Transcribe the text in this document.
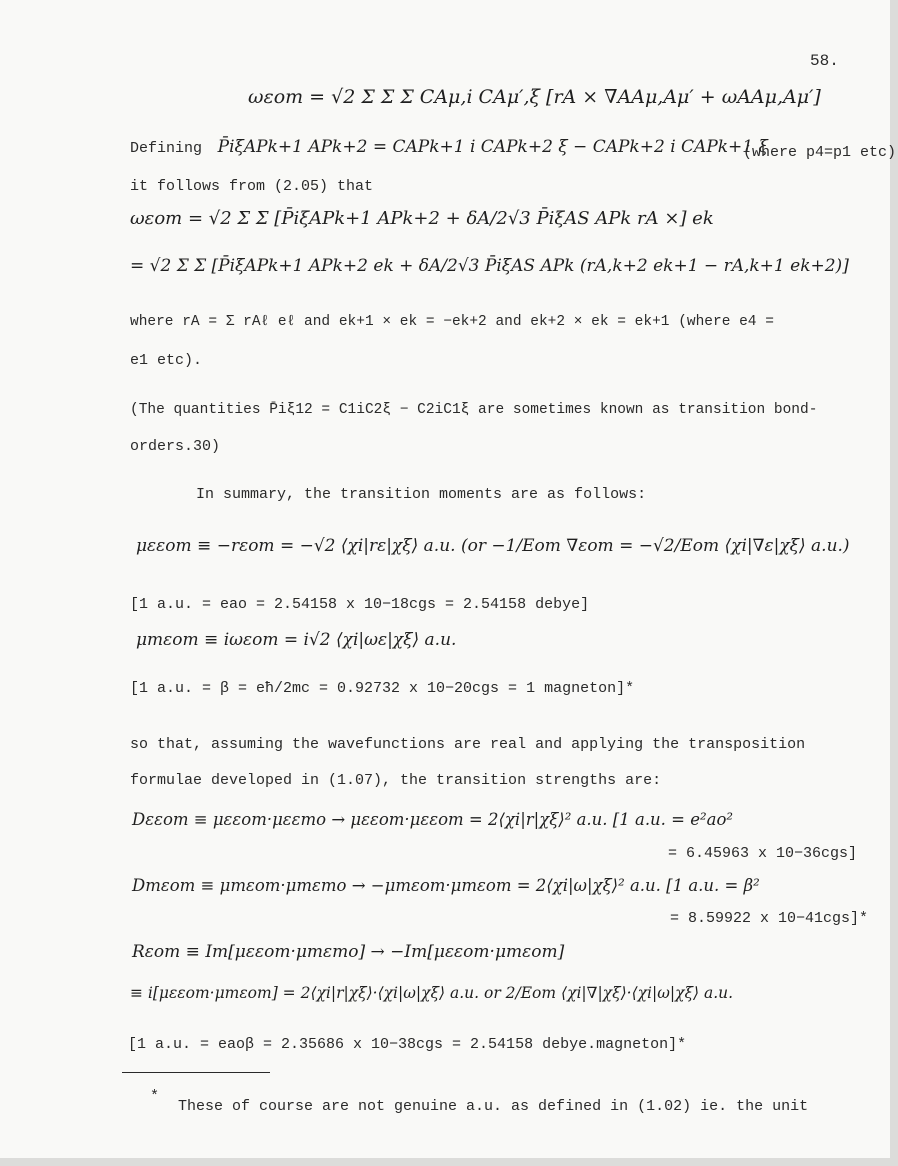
58.
ωεom = √2 Σ Σ Σ CAμ,i CAμ′,ξ [rA × ∇AAμ,Aμ′ + ωAAμ,Aμ′]
Defining P̄iξAPk+1 APk+2 = CAPk+1 i CAPk+2 ξ − CAPk+2 i CAPk+1 ξ
(where p4=p1 etc)
it follows from (2.05) that
ωεom = √2 Σ Σ [P̄iξAPk+1 APk+2 + δA/2√3 P̄iξAS APk rA ×] ek
= √2 Σ Σ [P̄iξAPk+1 APk+2 ek + δA/2√3 P̄iξAS APk (rA,k+2 ek+1 − rA,k+1 ek+2)]
where rA = Σ rAℓ eℓ and ek+1 × ek = −ek+2 and ek+2 × ek = ek+1 (where e4 =
e1 etc).
(The quantities P̄iξ12 = C1iC2ξ − C2iC1ξ are sometimes known as transition bond-
orders.30)
In summary, the transition moments are as follows:
μεεom ≡ −rεom = −√2 ⟨χi|rε|χξ⟩ a.u. (or −1/Eom ∇εom = −√2/Eom ⟨χi|∇ε|χξ⟩ a.u.)
[1 a.u. = eao = 2.54158 x 10−18cgs = 2.54158 debye]
μmεom ≡ iωεom = i√2 ⟨χi|ωε|χξ⟩ a.u.
[1 a.u. = β = eħ/2mc = 0.92732 x 10−20cgs = 1 magneton]*
so that, assuming the wavefunctions are real and applying the transposition
formulae developed in (1.07), the transition strengths are:
Dεεom ≡ μεεom·μεεmo → μεεom·μεεom = 2⟨χi|r|χξ⟩² a.u. [1 a.u. = e²ao²
= 6.45963 x 10−36cgs]
Dmεom ≡ μmεom·μmεmo → −μmεom·μmεom = 2⟨χi|ω|χξ⟩² a.u. [1 a.u. = β²
= 8.59922 x 10−41cgs]*
Rεom ≡ Im[μεεom·μmεmo] → −Im[μεεom·μmεom]
≡ i[μεεom·μmεom] = 2⟨χi|r|χξ⟩·⟨χi|ω|χξ⟩ a.u. or 2/Eom ⟨χi|∇|χξ⟩·⟨χi|ω|χξ⟩ a.u.
[1 a.u. = eaoβ = 2.35686 x 10−38cgs = 2.54158 debye.magneton]*
*
These of course are not genuine a.u. as defined in (1.02) ie. the unit
